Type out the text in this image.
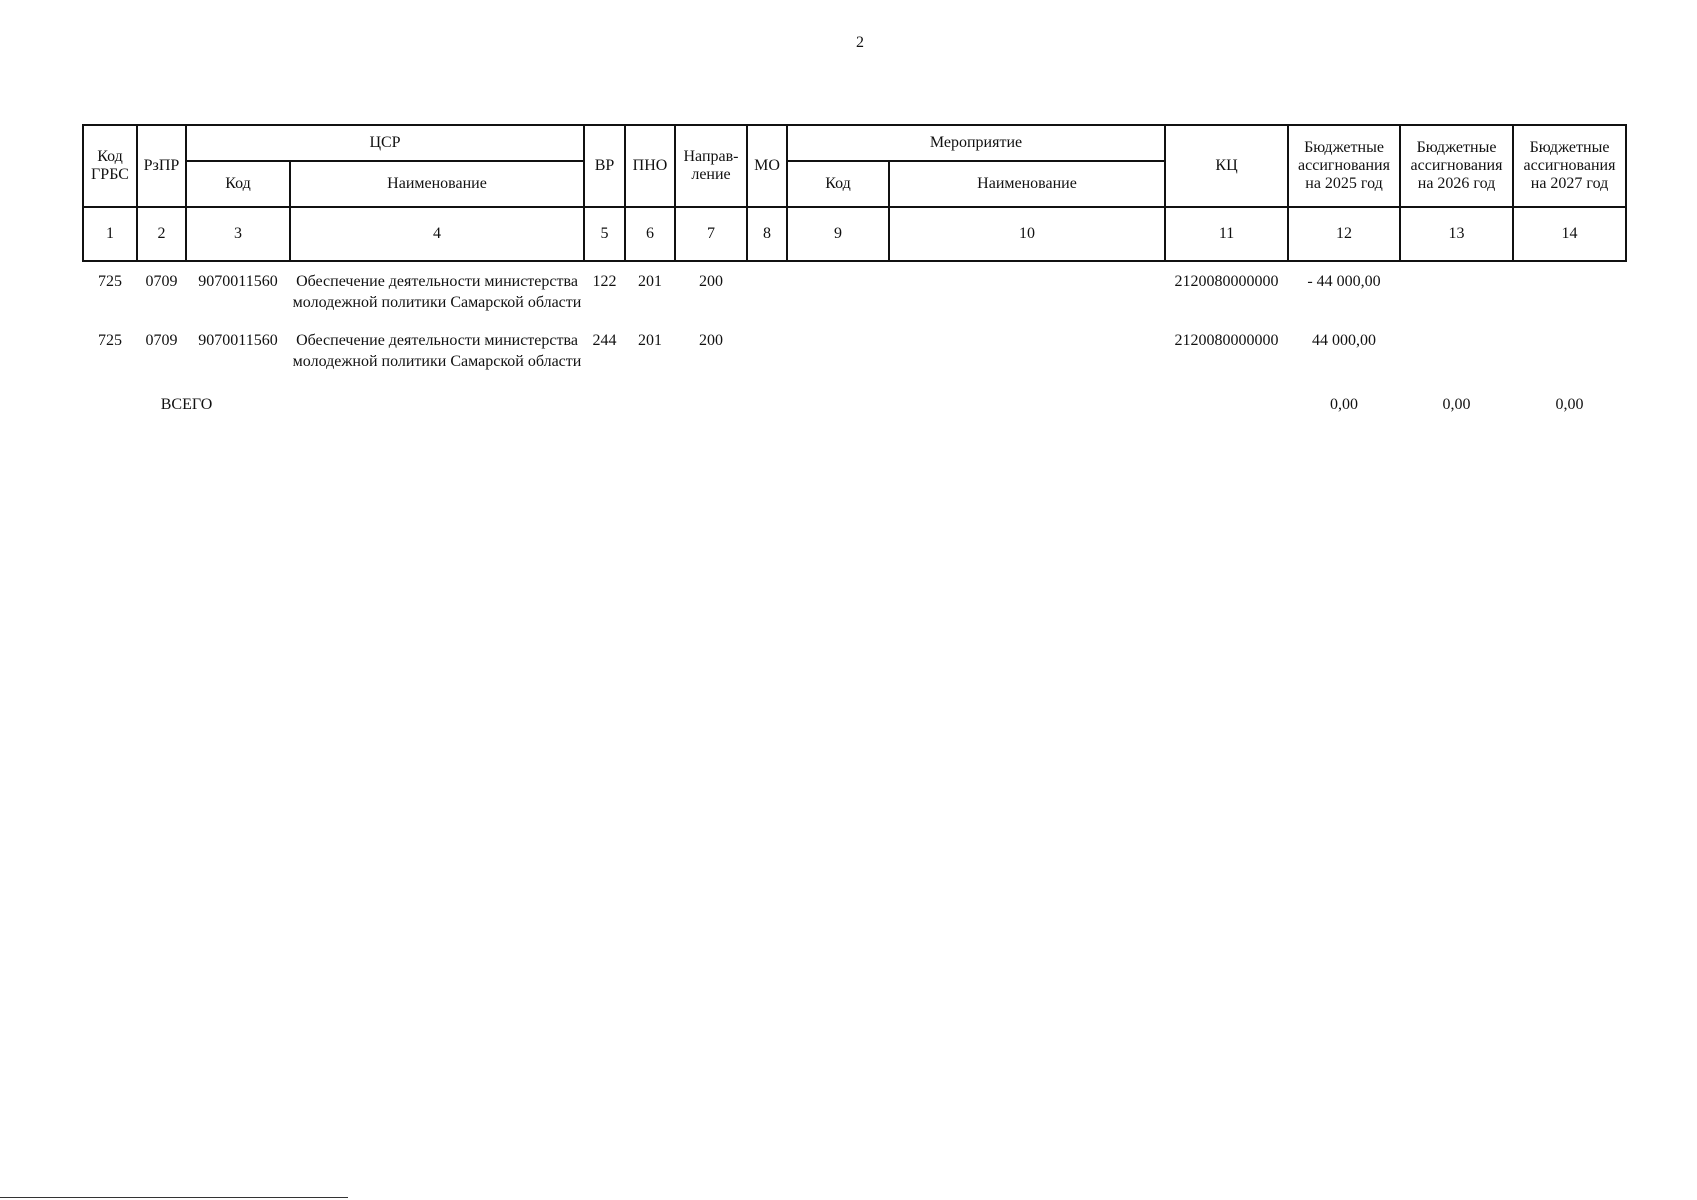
2
Код ГРБС	РзПР	ЦСР		ВР	ПНО	Направ-ление	МО	Мероприятие		КЦ	Бюджетные ассигнования на 2025 год	Бюджетные ассигнования на 2026 год	Бюджетные ассигнования на 2027 год
		Код	Наименование					Код	Наименование				
1	2	3	4	5	6	7	8	9	10	11	12	13	14
725	0709	9070011560	Обеспечение деятельности министерства молодежной политики Самарской области	122	201	200				2120080000000	- 44 000,00		
725	0709	9070011560	Обеспечение деятельности министерства молодежной политики Самарской области	244	201	200				2120080000000	44 000,00		
ВСЕГО											0,00	0,00	0,00
